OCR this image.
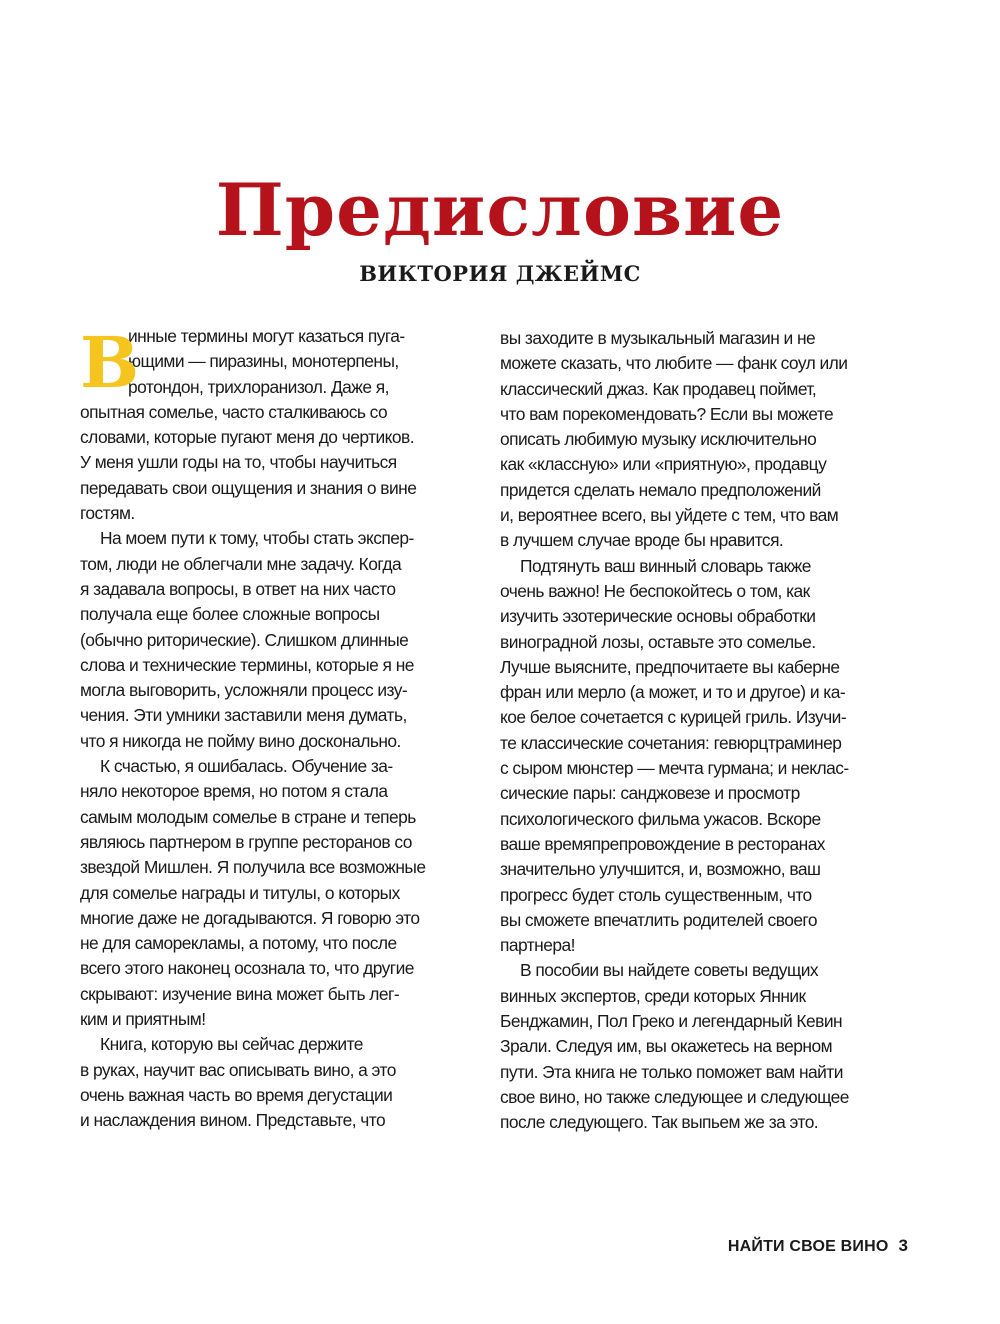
Предисловие
ВИКТОРИЯ ДЖЕЙМС
В
инные термины могут казаться пуга-
ющими — пиразины, монотерпены,
ротондон, трихлоранизол. Даже я,
опытная сомелье, часто сталкиваюсь со
словами, которые пугают меня до чертиков.
У меня ушли годы на то, чтобы научиться
передавать свои ощущения и знания о вине
гостям.
На моем пути к тому, чтобы стать экспер-
том, люди не облегчали мне задачу. Когда
я задавала вопросы, в ответ на них часто
получала еще более сложные вопросы
(обычно риторические). Слишком длинные
слова и технические термины, которые я не
могла выговорить, усложняли процесс изу-
чения. Эти умники заставили меня думать,
что я никогда не пойму вино досконально.
К счастью, я ошибалась. Обучение за-
няло некоторое время, но потом я стала
самым молодым сомелье в стране и теперь
являюсь партнером в группе ресторанов со
звездой Мишлен. Я получила все возможные
для сомелье награды и титулы, о которых
многие даже не догадываются. Я говорю это
не для саморекламы, а потому, что после
всего этого наконец осознала то, что другие
скрывают: изучение вина может быть лег-
ким и приятным!
Книга, которую вы сейчас держите
в руках, научит вас описывать вино, а это
очень важная часть во время дегустации
и наслаждения вином. Представьте, что
вы заходите в музыкальный магазин и не
можете сказать, что любите — фанк соул или
классический джаз. Как продавец поймет,
что вам порекомендовать? Если вы можете
описать любимую музыку исключительно
как «классную» или «приятную», продавцу
придется сделать немало предположений
и, вероятнее всего, вы уйдете с тем, что вам
в лучшем случае вроде бы нравится.
Подтянуть ваш винный словарь также
очень важно! Не беспокойтесь о том, как
изучить эзотерические основы обработки
виноградной лозы, оставьте это сомелье.
Лучше выясните, предпочитаете вы каберне
фран или мерло (а может, и то и другое) и ка-
кое белое сочетается с курицей гриль. Изучи-
те классические сочетания: гевюрцтраминер
с сыром мюнстер — мечта гурмана; и неклас-
сические пары: санджовезе и просмотр
психологического фильма ужасов. Вскоре
ваше времяпрепровождение в ресторанах
значительно улучшится, и, возможно, ваш
прогресс будет столь существенным, что
вы сможете впечатлить родителей своего
партнера!
В пособии вы найдете советы ведущих
винных экспертов, среди которых Янник
Бенджамин, Пол Греко и легендарный Кевин
Зрали. Следуя им, вы окажетесь на верном
пути. Эта книга не только поможет вам найти
свое вино, но также следующее и следующее
после следующего. Так выпьем же за это.
НАЙТИ СВОЕ ВИНО 3
